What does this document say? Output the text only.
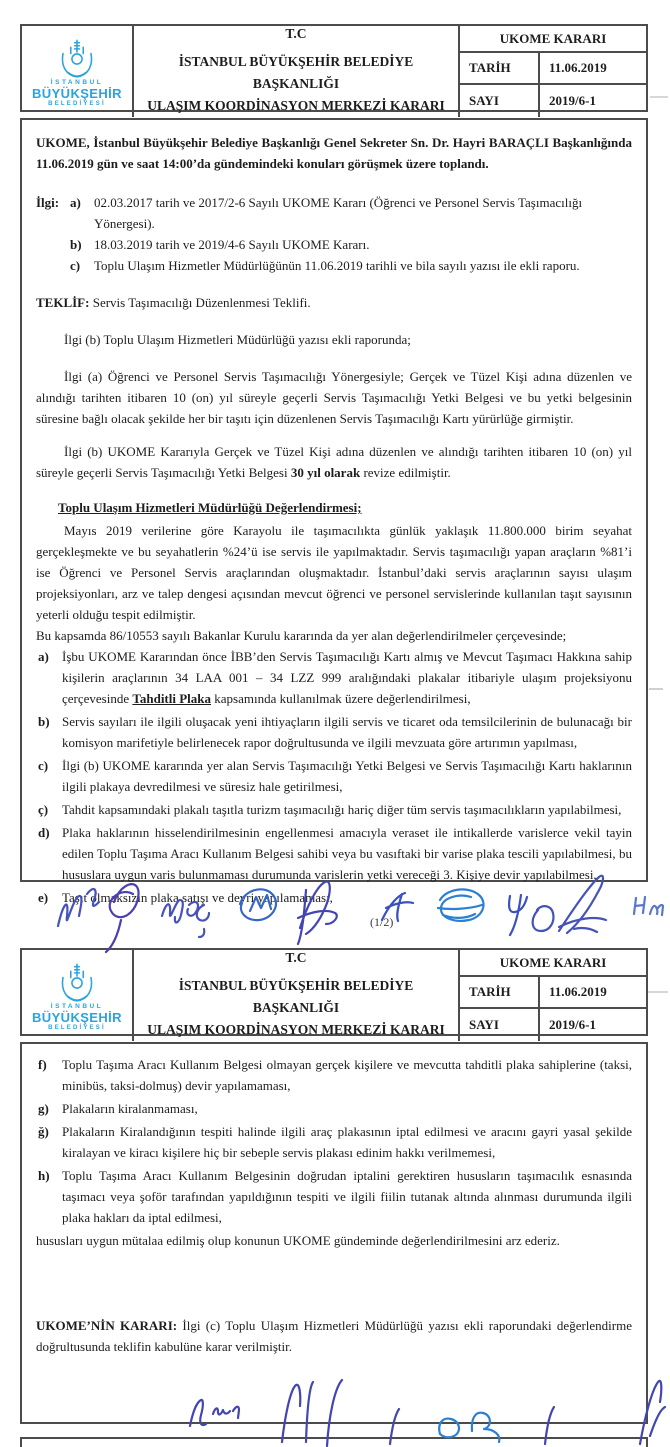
İSTANBUL
BÜYÜKŞEHİR
BELEDİYESİ
T.C
İSTANBUL BÜYÜKŞEHİR BELEDİYE BAŞKANLIĞI
ULAŞIM KOORDİNASYON MERKEZİ KARARI
UKOME KARARI
TARİH	11.06.2019
SAYI	2019/6-1

UKOME, İstanbul Büyükşehir Belediye Başkanlığı Genel Sekreter Sn. Dr. Hayri BARAÇLI Başkanlığında 11.06.2019 gün ve saat 14:00’da gündemindeki konuları görüşmek üzere toplandı.

İlgi: a)	02.03.2017 tarih ve 2017/2-6 Sayılı UKOME Kararı (Öğrenci ve Personel Servis Taşımacılığı Yönergesi).
b) 18.03.2019 tarih ve 2019/4-6 Sayılı UKOME Kararı.
c)	Toplu Ulaşım Hizmetler Müdürlüğünün 11.06.2019 tarihli ve bila sayılı yazısı ile ekli raporu.

TEKLİF: Servis Taşımacılığı Düzenlenmesi Teklifi.

İlgi (b) Toplu Ulaşım Hizmetleri Müdürlüğü yazısı ekli raporunda;

İlgi (a) Öğrenci ve Personel Servis Taşımacılığı Yönergesiyle; Gerçek ve Tüzel Kişi adına düzenlen ve alındığı tarihten itibaren 10 (on) yıl süreyle geçerli Servis Taşımacılığı Yetki Belgesi ve bu yetki belgesinin süresine bağlı olacak şekilde her bir taşıtı için düzenlenen Servis Taşımacılığı Kartı yürürlüğe girmiştir.

İlgi (b) UKOME Kararıyla Gerçek ve Tüzel Kişi adına düzenlen ve alındığı tarihten itibaren 10 (on) yıl süreyle geçerli Servis Taşımacılığı Yetki Belgesi 30 yıl olarak revize edilmiştir.

Toplu Ulaşım Hizmetleri Müdürlüğü Değerlendirmesi;

Mayıs 2019 verilerine göre Karayolu ile taşımacılıkta günlük yaklaşık 11.800.000 birim seyahat gerçekleşmekte ve bu seyahatlerin %24’ü ise servis ile yapılmaktadır. Servis taşımacılığı yapan araçların %81’i ise Öğrenci ve Personel Servis araçlarından oluşmaktadır. İstanbul’daki servis araçlarının sayısı ulaşım projeksiyonları, arz ve talep dengesi açısından mevcut öğrenci ve personel servislerinde kullanılan taşıt sayısının yeterli olduğu tespit edilmiştir.

Bu kapsamda 86/10553 sayılı Bakanlar Kurulu kararında da yer alan değerlendirilmeler çerçevesinde;

a)	İşbu UKOME Kararından önce İBB’den Servis Taşımacılığı Kartı almış ve Mevcut Taşımacı Hakkına sahip kişilerin araçlarının 34 LAA 001 – 34 LZZ 999 aralığındaki plakalar itibariyle ulaşım projeksiyonu çerçevesinde Tahditli Plaka kapsamında kullanılmak üzere değerlendirilmesi,
b) Servis sayıları ile ilgili oluşacak yeni ihtiyaçların ilgili servis ve ticaret oda temsilcilerinin de bulunacağı bir komisyon marifetiyle belirlenecek rapor doğrultusunda ve ilgili mevzuata göre artırımın yapılması,
c)	İlgi (b) UKOME kararında yer alan Servis Taşımacılığı Yetki Belgesi ve Servis Taşımacılığı Kartı haklarının ilgili plakaya devredilmesi ve süresiz hale getirilmesi,
ç)	Tahdit kapsamındaki plakalı taşıtla turizm taşımacılığı hariç diğer tüm servis taşımacılıkların yapılabilmesi,
d) Plaka haklarının hisselendirilmesinin engellenmesi amacıyla veraset ile intikallerde varislerce vekil tayin edilen Toplu Taşıma Aracı Kullanım Belgesi sahibi veya bu vasıftaki bir varise plaka tescili yapılabilmesi, bu hususlara uygun varis bulunmaması durumunda varislerin yetki vereceği 3. Kişiye devir yapılabilmesi,
e)	Taşıt olmaksızın plaka satışı ve devri yapılamaması,
(1/2)
İSTANBUL
BÜYÜKŞEHİR
BELEDİYESİ
T.C
İSTANBUL BÜYÜKŞEHİR BELEDİYE BAŞKANLIĞI
ULAŞIM KOORDİNASYON MERKEZİ KARARI
UKOME KARARI
TARİH	11.06.2019
SAYI	2019/6-1
f)	Toplu Taşıma Aracı Kullanım Belgesi olmayan gerçek kişilere ve mevcutta tahditli plaka sahiplerine (taksi, minibüs, taksi-dolmuş) devir yapılamaması,
g)	Plakaların kiralanmaması,
ğ)	Plakaların Kiralandığının tespiti halinde ilgili araç plakasının iptal edilmesi ve aracını gayri yasal şekilde kiralayan ve kiracı kişilere hiç bir sebeple servis plakası edinim hakkı verilmemesi,
h) Toplu Taşıma Aracı Kullanım Belgesinin doğrudan iptalini gerektiren hususların taşımacılık esnasında taşımacı veya şoför tarafından yapıldığının tespiti ve ilgili fiilin tutanak altında alınması durumunda ilgili plaka hakları da iptal edilmesi,

hususları uygun mütalaa edilmiş olup konunun UKOME gündeminde değerlendirilmesini arz ederiz.

UKOME’NİN KARARI: İlgi (c) Toplu Ulaşım Hizmetleri Müdürlüğü yazısı ekli raporundaki değerlendirme doğrultusunda teklifin kabulüne karar verilmiştir.
